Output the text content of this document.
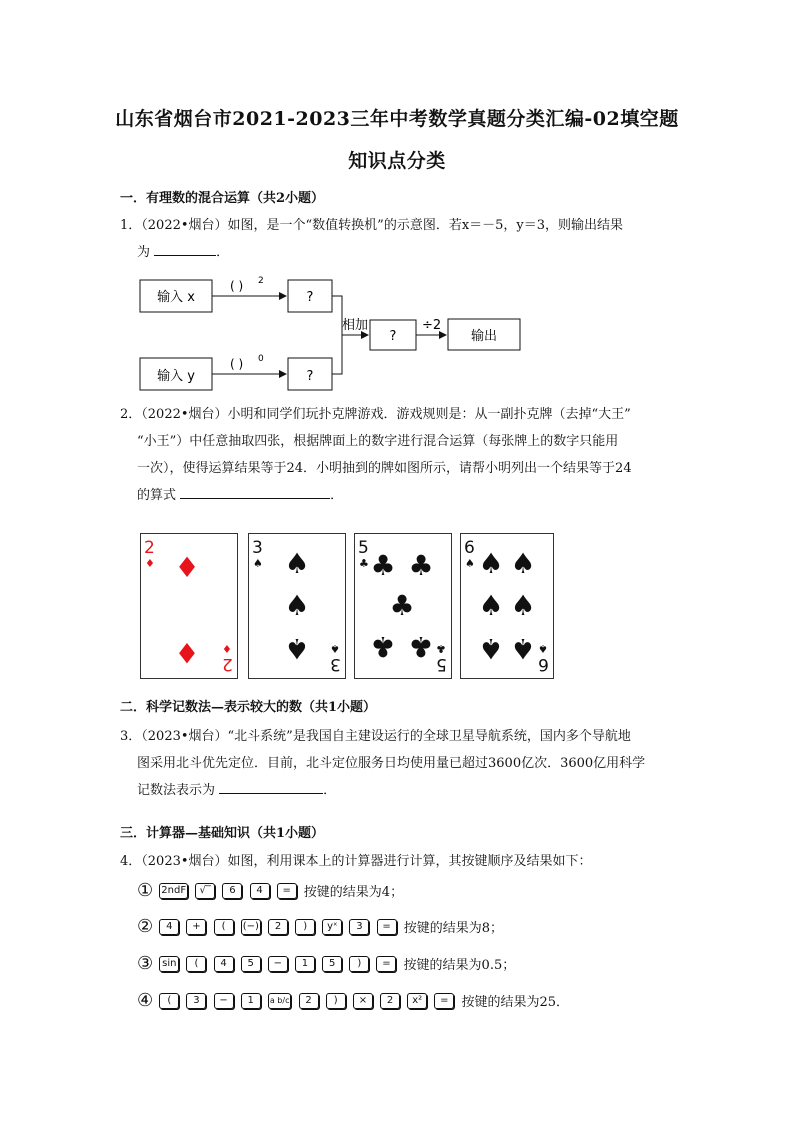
山东省烟台市2021-2023三年中考数学真题分类汇编-02填空题
知识点分类
一．有理数的混合运算（共2小题）
1．（2022•烟台）如图，是一个“数值转换机”的示意图．若x＝－5，y＝3，则输出结果
为	．
输入 x
( ) 2
?
输入 y
( ) 0
?
相加
?
÷2
输出
2．（2022•烟台）小明和同学们玩扑克牌游戏．游戏规则是：从一副扑克牌（去掉“大王”
“小王”）中任意抽取四张，根据牌面上的数字进行混合运算（每张牌上的数字只能用
一次），使得运算结果等于24．小明抽到的牌如图所示，请帮小明列出一个结果等于24
的算式	．
2
♦ ♦
♦ ♦
2
3
♠ ♠
♠
♠ ♠
3
5
♣ ♣ ♣
♣
♣ ♣ ♣
5
6
♠ ♠ ♠
♠ ♠
♠ ♠ ♠
6
二．科学记数法—表示较大的数（共1小题）
3．（2023•烟台）“北斗系统”是我国自主建设运行的全球卫星导航系统，国内多个导航地
图采用北斗优先定位．目前，北斗定位服务日均使用量已超过3600亿次．3600亿用科学
记数法表示为	．
三．计算器—基础知识（共1小题）
4．（2023•烟台）如图，利用课本上的计算器进行计算，其按键顺序及结果如下：
① 2ndF √‾ 6 4 = 按键的结果为4；
② 4 + ( (−) 2 ) yˣ 3 = 按键的结果为8；
③ sin ( 4 5 − 1 5 ) = 按键的结果为0.5；
④ ( 3 − 1 a b/c 2 ) × 2 x² = 按键的结果为25．
